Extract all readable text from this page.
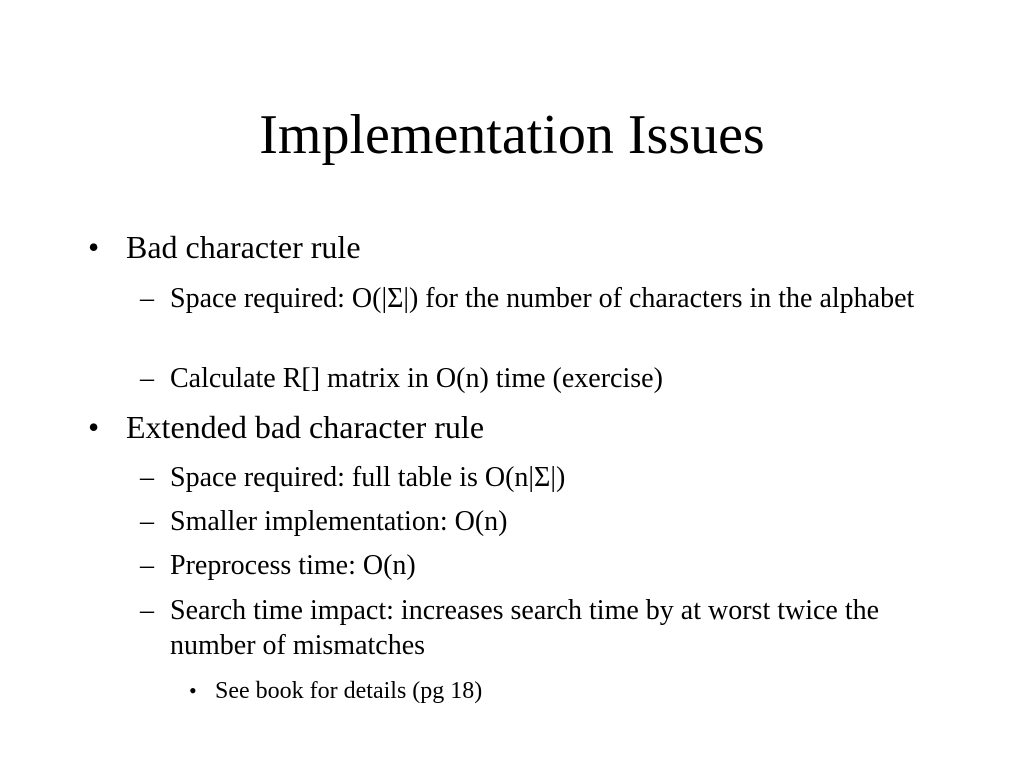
Implementation Issues
• Bad character rule
– Space required: O(|Σ|) for the number of characters in the alphabet
– Calculate R[] matrix in O(n) time (exercise)
• Extended bad character rule
– Space required: full table is O(n|Σ|)
– Smaller implementation: O(n)
– Preprocess time: O(n)
– Search time impact: increases search time by at worst twice the number of mismatches
• See book for details (pg 18)
